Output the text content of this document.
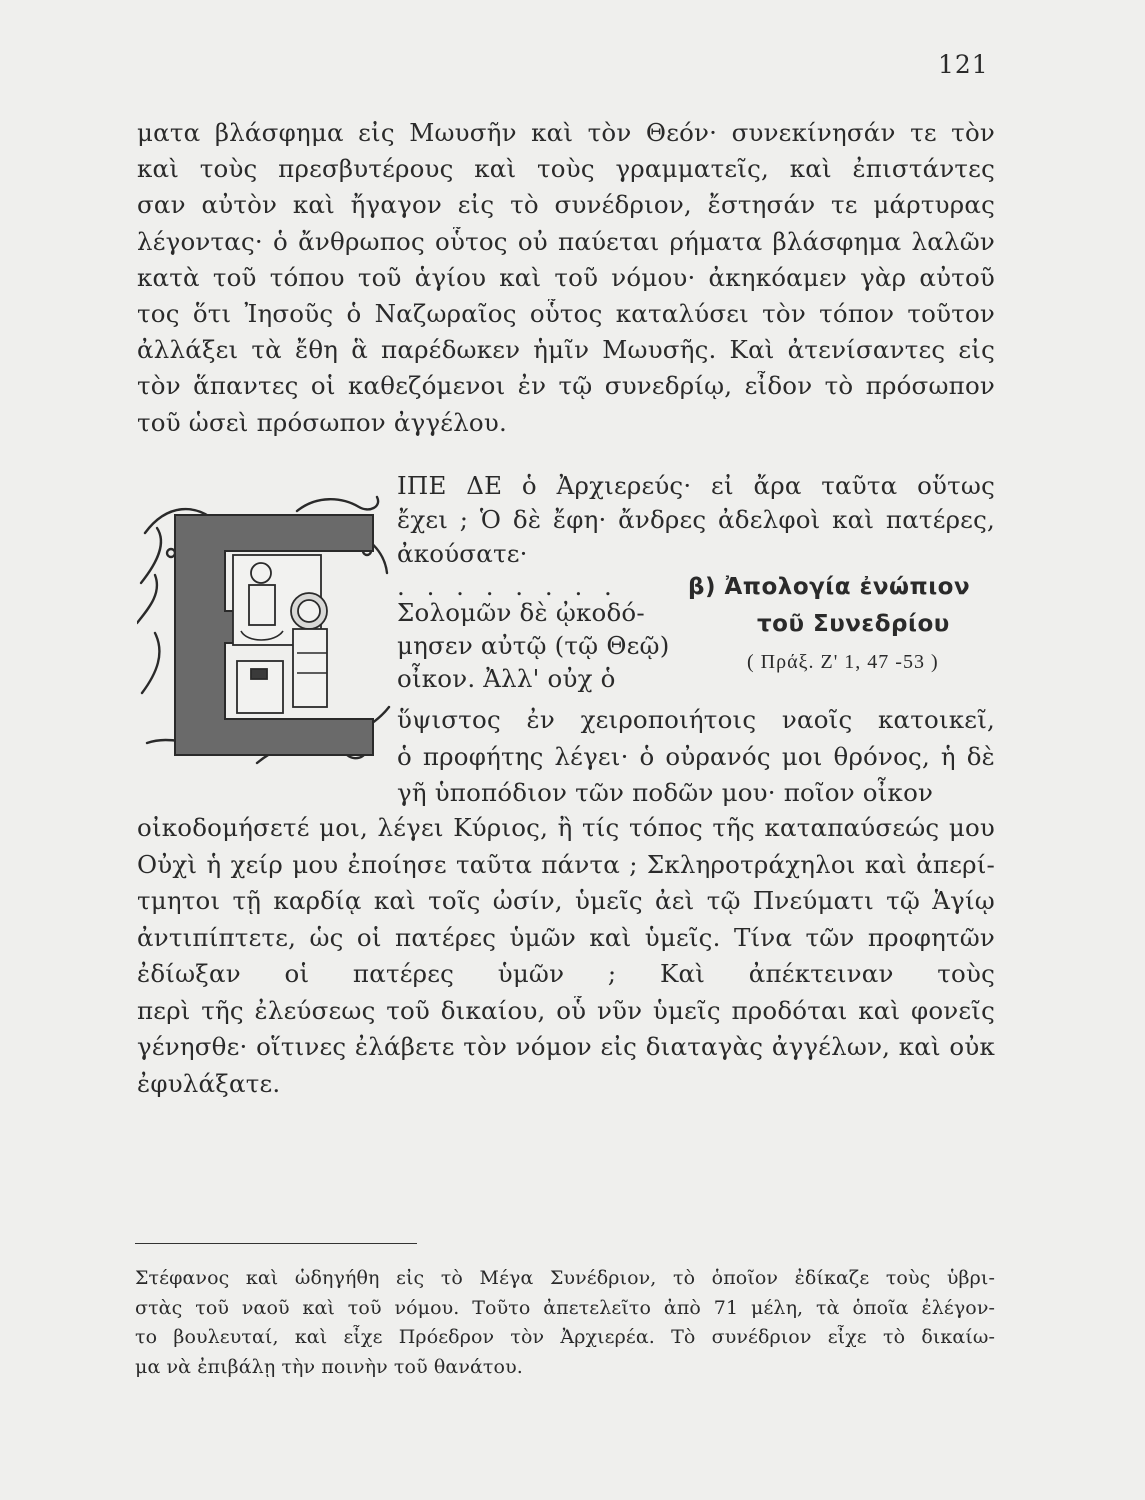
121
ματα βλάσφημα εἰς Μωυσῆν καὶ τὸν Θεόν· συνεκίνησάν τε τὸν
καὶ τοὺς πρεσβυτέρους καὶ τοὺς γραμματεῖς, καὶ ἐπιστάντες
σαν αὐτὸν καὶ ἤγαγον εἰς τὸ συνέδριον, ἔστησάν τε μάρτυρας
λέγοντας· ὁ ἄνθρωπος οὗτος οὐ παύεται ρήματα βλάσφημα λαλῶν
κατὰ τοῦ τόπου τοῦ ἁγίου καὶ τοῦ νόμου· ἀκηκόαμεν γὰρ αὐτοῦ
τος ὅτι Ἰησοῦς ὁ Ναζωραῖος οὗτος καταλύσει τὸν τόπον τοῦτον
ἀλλάξει τὰ ἔθη ἃ παρέδωκεν ἡμῖν Μωυσῆς. Καὶ ἀτενίσαντες εἰς
τὸν ἅπαντες οἱ καθεζόμενοι ἐν τῷ συνεδρίῳ, εἶδον τὸ πρόσωπον
τοῦ ὡσεὶ πρόσωπον ἀγγέλου.
ΙΠΕ ΔΕ ὁ Ἀρχιερεύς· εἰ ἄρα ταῦτα οὕτως
ἔχει ; Ὁ δὲ ἔφη· ἄνδρες ἀδελφοὶ καὶ πατέρες,
ἀκούσατε·
. . . . . . . .
Σολομῶν δὲ ᾠκοδό-
μησεν αὐτῷ (τῷ Θεῷ)
οἶκον. Ἀλλ' οὐχ ὁ
β) Ἀπολογία ἐνώπιον
τοῦ Συνεδρίου
( Πράξ. Ζ' 1, 47 -53 )
ὕψιστος ἐν χειροποιήτοις ναοῖς κατοικεῖ,
ὁ προφήτης λέγει· ὁ οὐρανός μοι θρόνος, ἡ δὲ
γῆ ὑποπόδιον τῶν ποδῶν μου· ποῖον οἶκον
οἰκοδομήσετέ μοι, λέγει Κύριος, ἢ τίς τόπος τῆς καταπαύσεώς μου
Οὐχὶ ἡ χείρ μου ἐποίησε ταῦτα πάντα ; Σκληροτράχηλοι καὶ ἀπερί-
τμητοι τῇ καρδίᾳ καὶ τοῖς ὠσίν, ὑμεῖς ἀεὶ τῷ Πνεύματι τῷ Ἁγίῳ
ἀντιπίπτετε, ὡς οἱ πατέρες ὑμῶν καὶ ὑμεῖς. Τίνα τῶν προφητῶν
ἐδίωξαν οἱ πατέρες ὑμῶν ; Καὶ ἀπέκτειναν τοὺς
περὶ τῆς ἐλεύσεως τοῦ δικαίου, οὗ νῦν ὑμεῖς προδόται καὶ φονεῖς
γένησθε· οἵτινες ἐλάβετε τὸν νόμον εἰς διαταγὰς ἀγγέλων, καὶ οὐκ
ἐφυλάξατε.
Στέφανος καὶ ὡδηγήθη εἰς τὸ Μέγα Συνέδριον, τὸ ὁποῖον ἐδίκαζε τοὺς ὑβρι-
στὰς τοῦ ναοῦ καὶ τοῦ νόμου. Τοῦτο ἀπετελεῖτο ἀπὸ 71 μέλη, τὰ ὁποῖα ἐλέγον-
το βουλευταί, καὶ εἶχε Πρόεδρον τὸν Ἀρχιερέα. Τὸ συνέδριον εἶχε τὸ δικαίω-
μα νὰ ἐπιβάλῃ τὴν ποινὴν τοῦ θανάτου.
